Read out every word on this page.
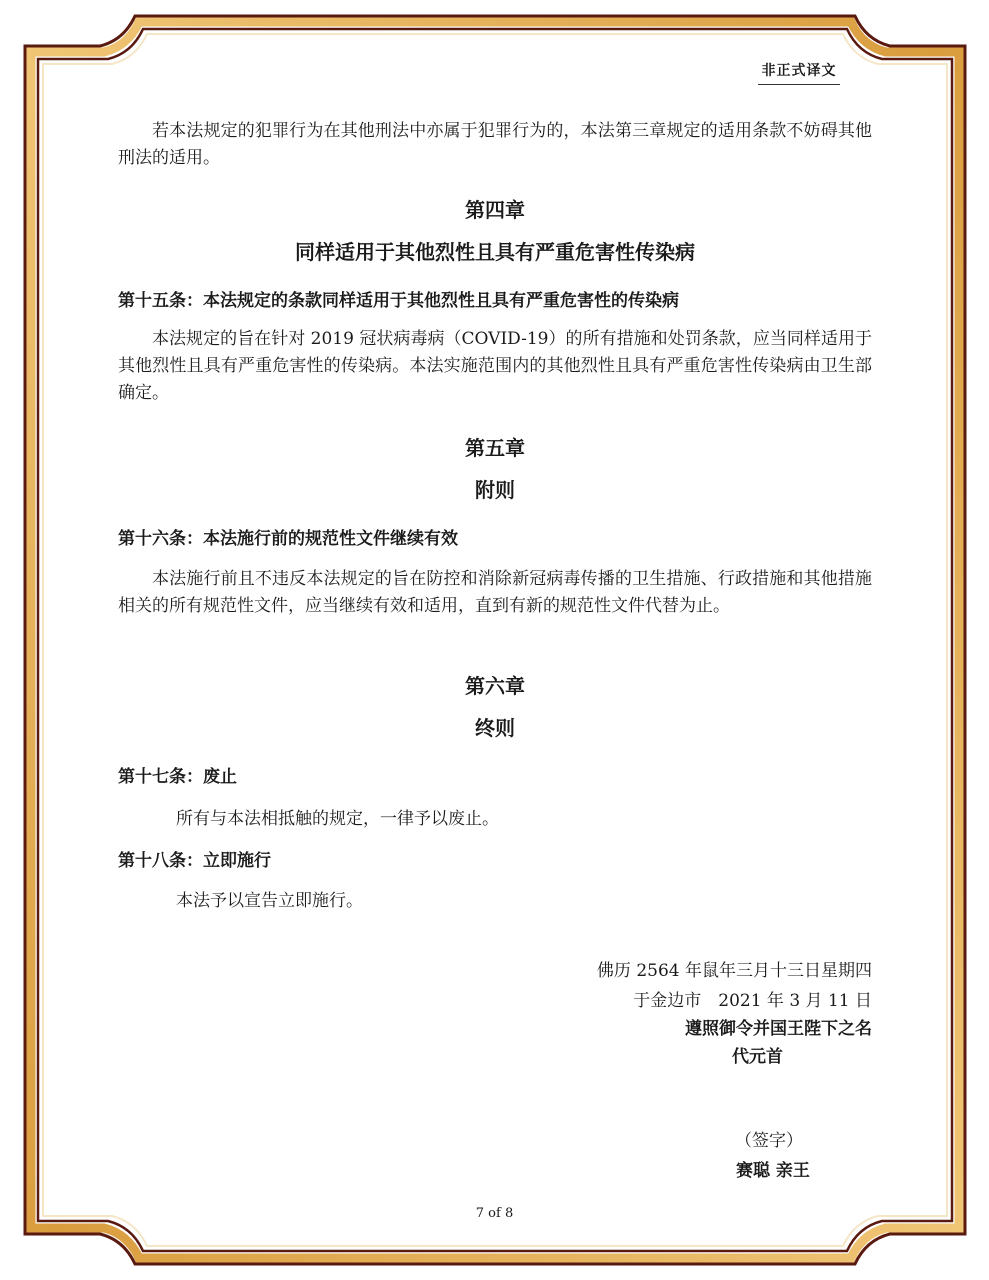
非正式译文

若本法规定的犯罪行为在其他刑法中亦属于犯罪行为的，本法第三章规定的适用条款不妨碍其他刑法的适用。

第四章

同样适用于其他烈性且具有严重危害性传染病

第十五条：本法规定的条款同样适用于其他烈性且具有严重危害性的传染病

本法规定的旨在针对 2019 冠状病毒病（COVID-19）的所有措施和处罚条款，应当同样适用于其他烈性且具有严重危害性的传染病。本法实施范围内的其他烈性且具有严重危害性传染病由卫生部确定。

第五章

附则

第十六条：本法施行前的规范性文件继续有效

本法施行前且不违反本法规定的旨在防控和消除新冠病毒传播的卫生措施、行政措施和其他措施相关的所有规范性文件，应当继续有效和适用，直到有新的规范性文件代替为止。

第六章

终则

第十七条：废止

所有与本法相抵触的规定，一律予以废止。

第十八条：立即施行

本法予以宣告立即施行。

佛历 2564 年鼠年三月十三日星期四

于金边市　2021 年 3 月 11 日

遵照御令并国王陛下之名

代元首

（签字）

赛聪 亲王

7 of 8
